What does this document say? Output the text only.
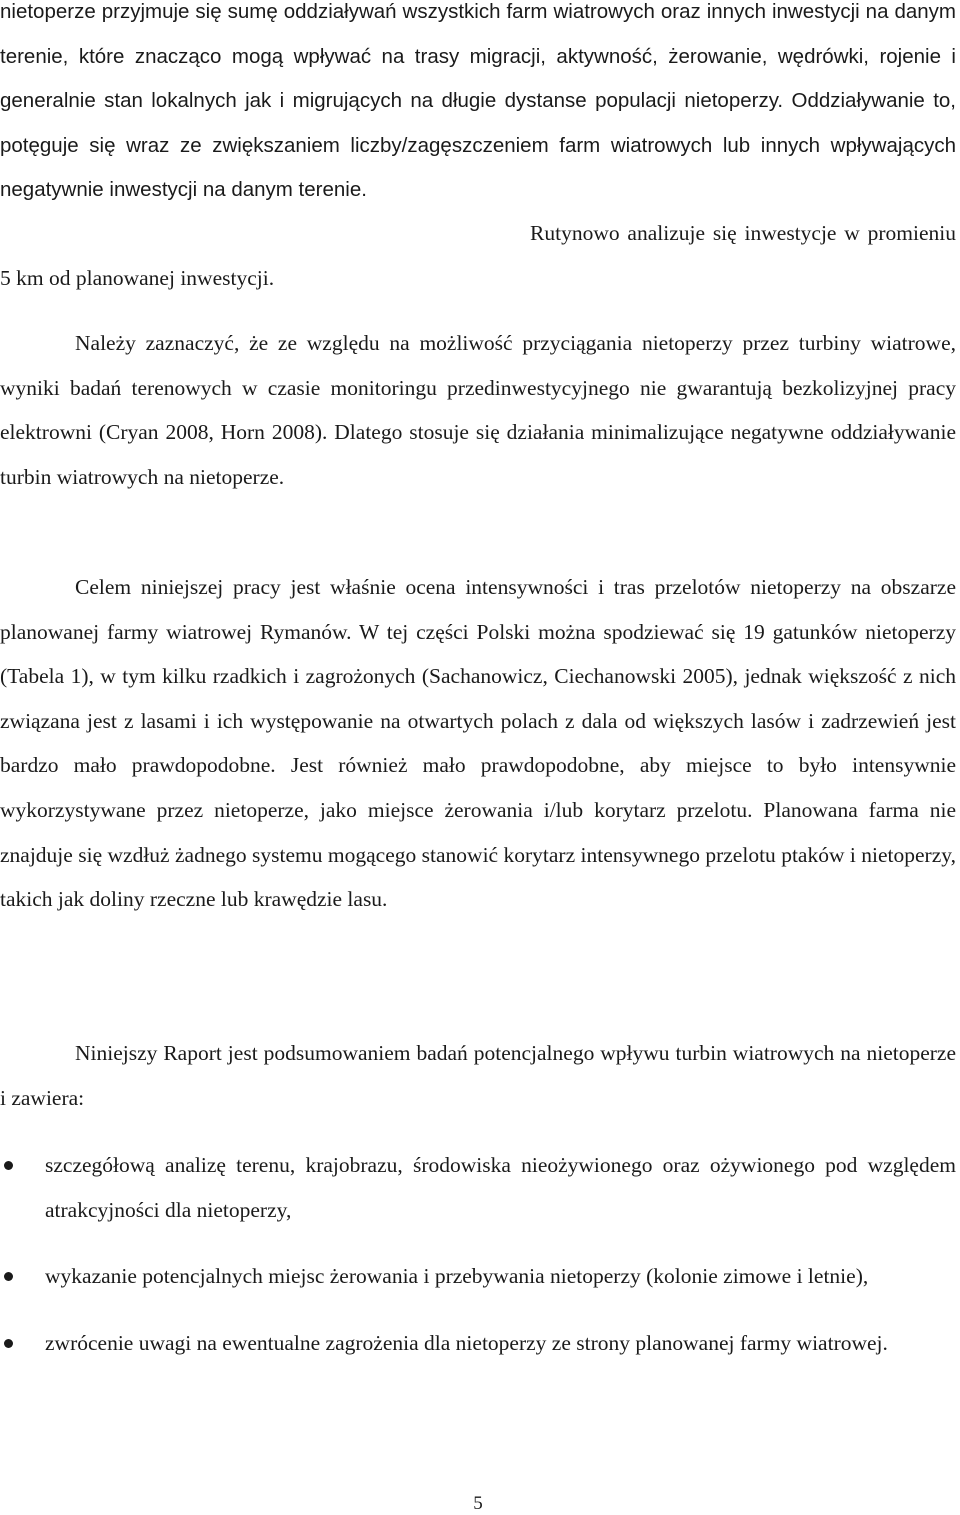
nietoperze przyjmuje się sumę oddziaływań wszystkich farm wiatrowych oraz innych inwestycji na danym terenie, które znacząco mogą wpływać na trasy migracji, aktywność, żerowanie, wędrówki, rojenie i generalnie stan lokalnych jak i migrujących na długie dystanse populacji nietoperzy. Oddziaływanie to, potęguje się wraz ze zwiększaniem liczby/zagęszczeniem farm wiatrowych lub innych wpływających negatywnie inwestycji na danym terenie.

Rutynowo analizuje się inwestycje w promieniu 5 km od planowanej inwestycji.

Należy zaznaczyć, że ze względu na możliwość przyciągania nietoperzy przez turbiny wiatrowe, wyniki badań terenowych w czasie monitoringu przedinwestycyjnego nie gwarantują bezkolizyjnej pracy elektrowni (Cryan 2008, Horn 2008). Dlatego stosuje się działania minimalizujące negatywne oddziaływanie turbin wiatrowych na nietoperze.

Celem niniejszej pracy jest właśnie ocena intensywności i tras przelotów nietoperzy na obszarze planowanej farmy wiatrowej Rymanów. W tej części Polski można spodziewać się 19 gatunków nietoperzy (Tabela 1), w tym kilku rzadkich i zagrożonych (Sachanowicz, Ciechanowski 2005), jednak większość z nich związana jest z lasami i ich występowanie na otwartych polach z dala od większych lasów i zadrzewień jest bardzo mało prawdopodobne. Jest również mało prawdopodobne, aby miejsce to było intensywnie wykorzystywane przez nietoperze, jako miejsce żerowania i/lub korytarz przelotu. Planowana farma nie znajduje się wzdłuż żadnego systemu mogącego stanowić korytarz intensywnego przelotu ptaków i nietoperzy, takich jak doliny rzeczne lub krawędzie lasu.

Niniejszy Raport jest podsumowaniem badań potencjalnego wpływu turbin wiatrowych na nietoperze i zawiera:

szczegółową analizę terenu, krajobrazu, środowiska nieożywionego oraz ożywionego pod względem atrakcyjności dla nietoperzy,
wykazanie potencjalnych miejsc żerowania i przebywania nietoperzy (kolonie zimowe i letnie),
zwrócenie uwagi na ewentualne zagrożenia dla nietoperzy ze strony planowanej farmy wiatrowej.
5
